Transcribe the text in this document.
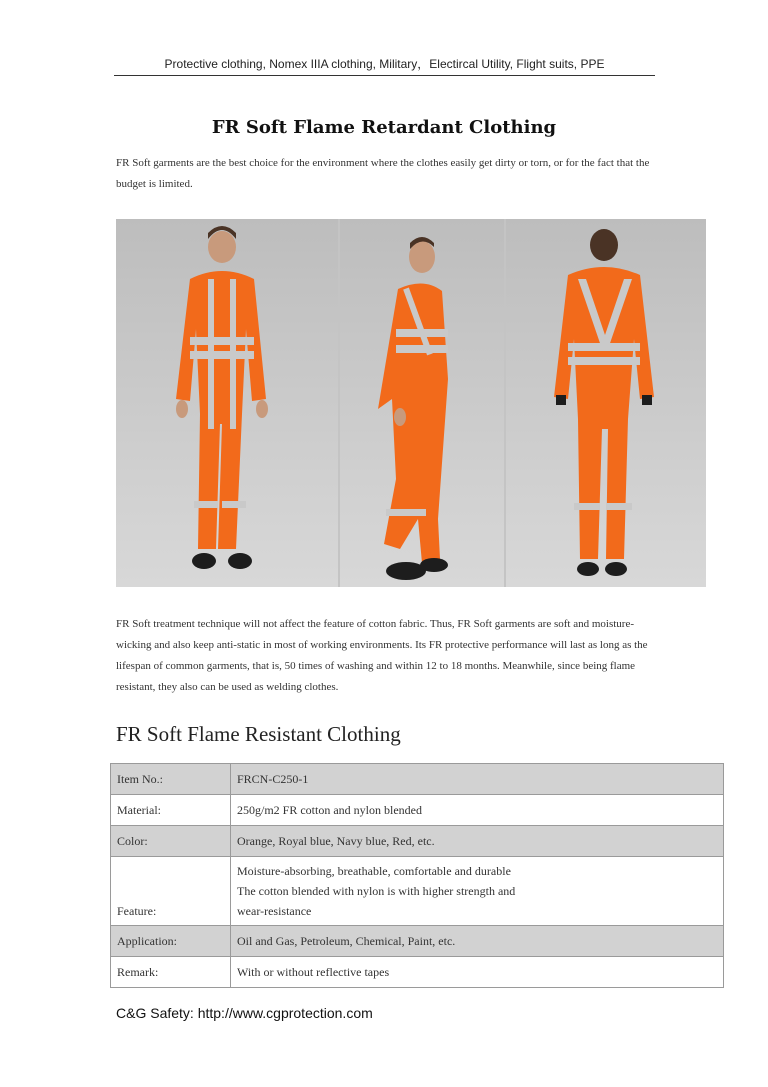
Protective clothing, Nomex IIIA clothing, Military，Electircal Utility, Flight suits, PPE
FR Soft Flame Retardant Clothing
FR Soft garments are the best choice for the environment where the clothes easily get dirty or torn, or for the fact that the budget is limited.
FR Soft treatment technique will not affect the feature of cotton fabric. Thus, FR Soft garments are soft and moisture-wicking and also keep anti-static in most of working environments. Its FR protective performance will last as long as the lifespan of common garments, that is, 50 times of washing and within 12 to 18 months. Meanwhile, since being flame resistant, they also can be used as welding clothes.
FR Soft Flame Resistant Clothing
Item No.:	FRCN-C250-1
Material:	250g/m2 FR cotton and nylon blended
Color:	Orange, Royal blue, Navy blue, Red, etc.
Feature:	Moisture-absorbing, breathable, comfortable and durable
The cotton blended with nylon is with higher strength and
wear-resistance

Application:	Oil and Gas, Petroleum, Chemical, Paint, etc.
Remark:	With or without reflective tapes
C&G Safety: http://www.cgprotection.com
